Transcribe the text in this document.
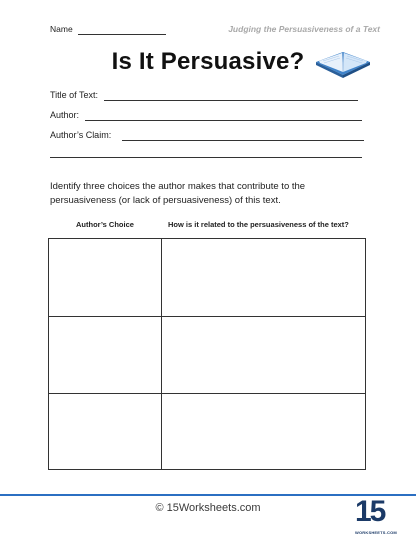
Name	Judging the Persuasiveness of a Text
Is It Persuasive?
Title of Text:
Author:
Author’s Claim:
Identify three choices the author makes that contribute to the persuasiveness (or lack of persuasiveness) of this text.
Author’s Choice	How is it related to the persuasiveness of the text?
© 15Worksheets.com	15
WORKSHEETS.COM
